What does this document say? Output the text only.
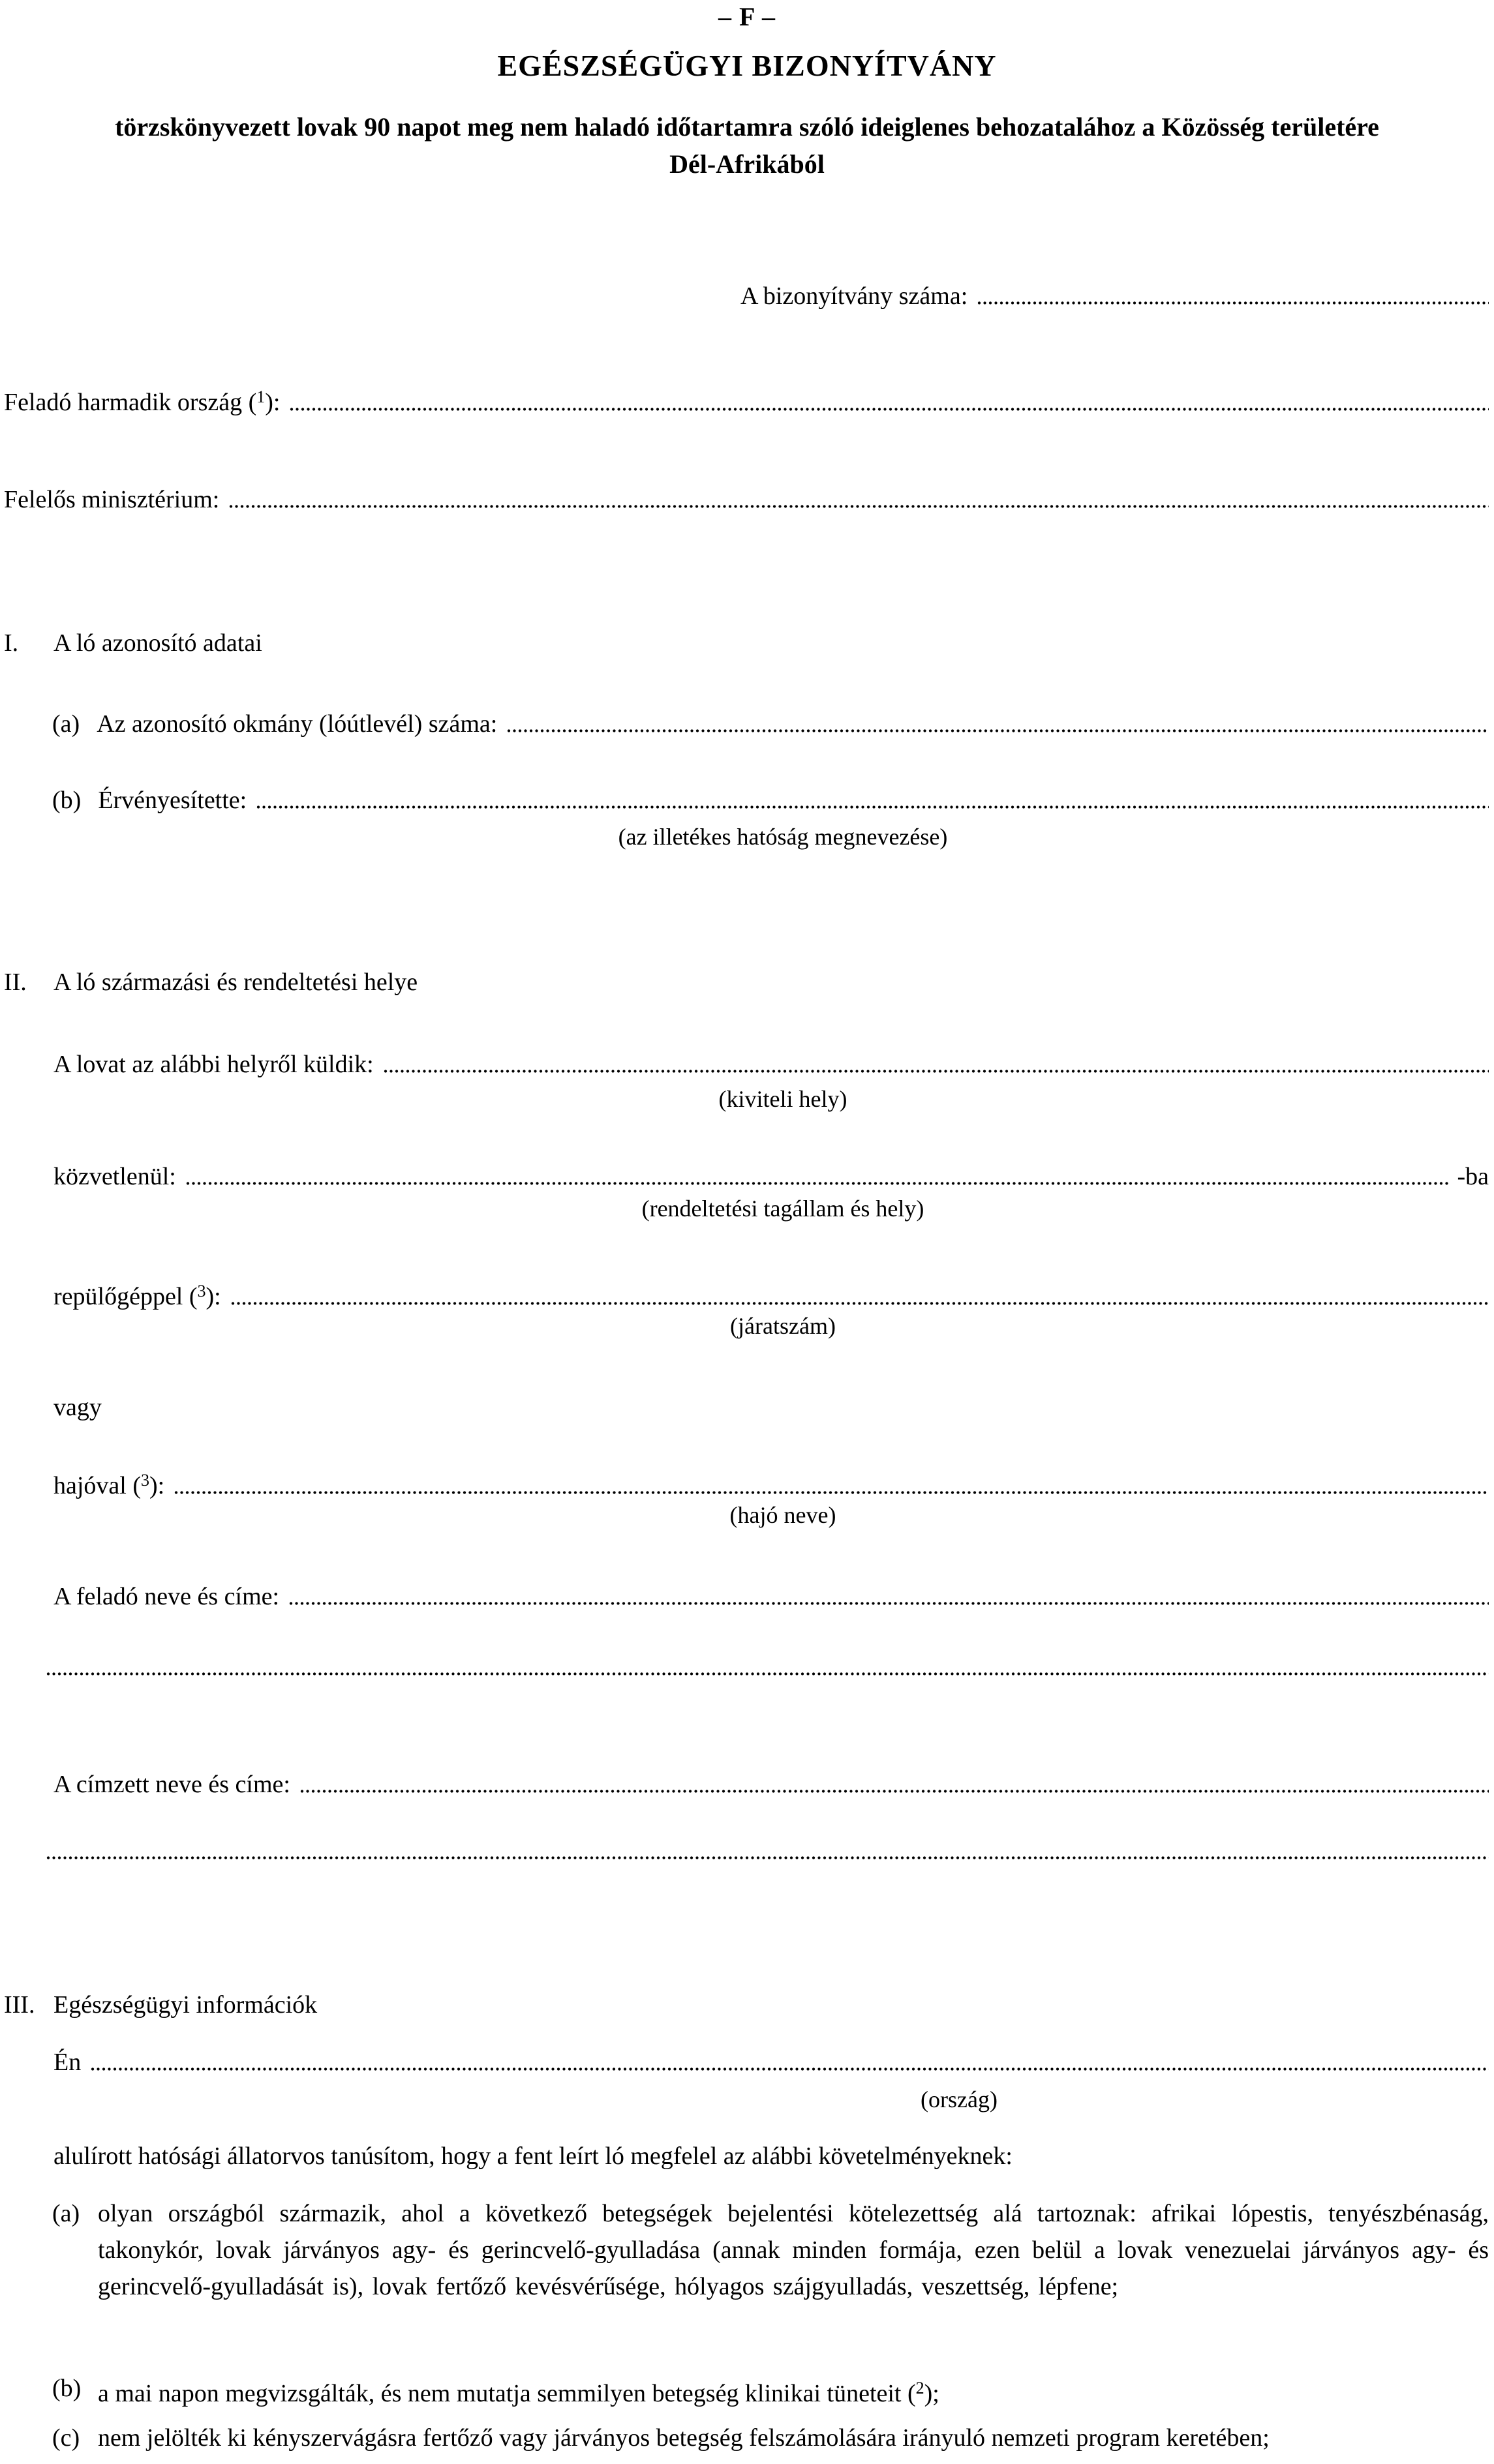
– F –
EGÉSZSÉGÜGYI BIZONYÍTVÁNY
törzskönyvezett lovak 90 napot meg nem haladó időtartamra szóló ideiglenes behozatalához a Közösség területére
Dél-Afrikából
A bizonyítvány száma:
Feladó harmadik ország ($^1$):
Felelős minisztérium:
I.	A ló azonosító adatai
(a) Az azonosító okmány (lóútlevél) száma:
(b) Érvényesítette:
(az illetékes hatóság megnevezése)
II.	A ló származási és rendeltetési helye
A lovat az alábbi helyről küldik:
(kiviteli hely)
közvetlenül:	-ba
(rendeltetési tagállam és hely)
repülőgéppel ($^3$):
(járatszám)
vagy
hajóval ($^3$):
(hajó neve)
A feladó neve és címe:
A címzett neve és címe:
III. Egészségügyi információk
Én
(ország)
alulírott hatósági állatorvos tanúsítom, hogy a fent leírt ló megfelel az alábbi követelményeknek:
(a) olyan országból származik, ahol a következő betegségek bejelentési kötelezettség alá tartoznak: afrikai lópestis, tenyészbénaság, takonykór, lovak járványos agy- és gerincvelő-gyulladása (annak minden formája, ezen belül a lovak venezuelai járványos agy- és gerincvelő-gyulladását is), lovak fertőző kevésvérűsége, hólyagos szájgyulladás, veszettség, lépfene;
(b) a mai napon megvizsgálták, és nem mutatja semmilyen betegség klinikai tüneteit ($^2$);
(c) nem jelölték ki kényszervágásra fertőző vagy járványos betegség felszámolására irányuló nemzeti program keretében;
